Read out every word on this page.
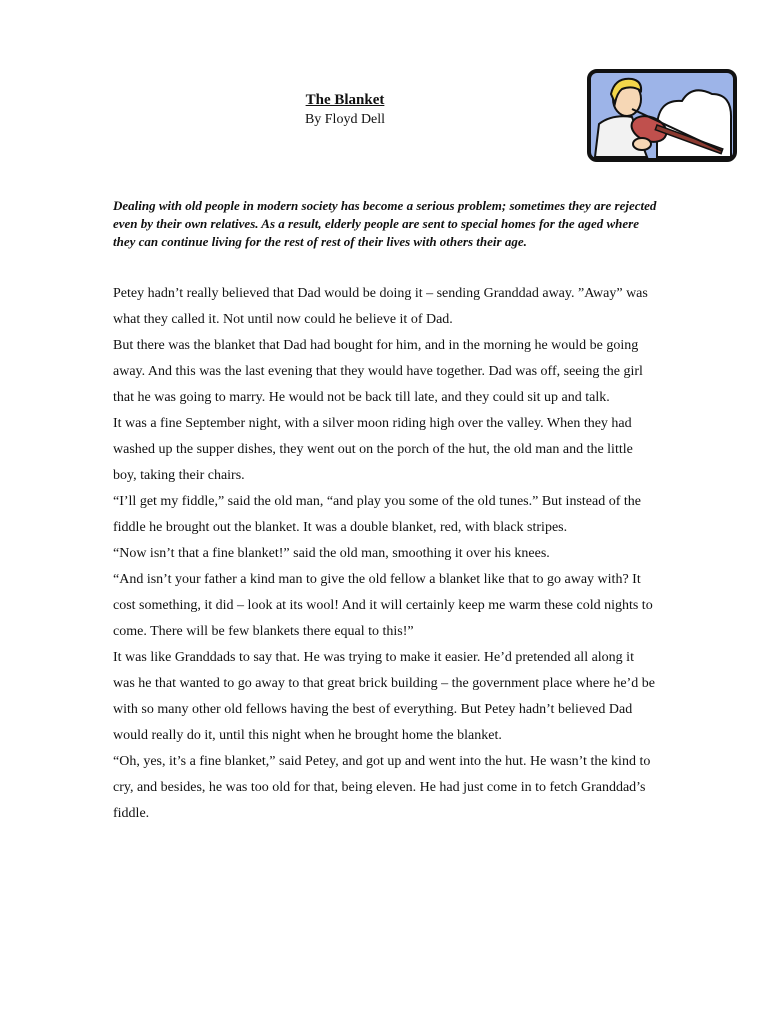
The Blanket
By Floyd Dell

Dealing with old people in modern society has become a serious problem; sometimes they are rejected even by their own relatives. As a result, elderly people are sent to special homes for the aged where they can continue living for the rest of rest of their lives with others their age.

Petey hadn’t really believed that Dad would be doing it – sending Granddad away. ”Away” was what they called it. Not until now could he believe it of Dad.

But there was the blanket that Dad had bought for him, and in the morning he would be going away. And this was the last evening that they would have together. Dad was off, seeing the girl that he was going to marry. He would not be back till late, and they could sit up and talk.

It was a fine September night, with a silver moon riding high over the valley. When they had washed up the supper dishes, they went out on the porch of the hut, the old man and the little boy, taking their chairs.

“I’ll get my fiddle,” said the old man, “and play you some of the old tunes.” But instead of the fiddle he brought out the blanket. It was a double blanket, red, with black stripes.

“Now isn’t that a fine blanket!” said the old man, smoothing it over his knees.

“And isn’t your father a kind man to give the old fellow a blanket like that to go away with? It cost something, it did – look at its wool! And it will certainly keep me warm these cold nights to come. There will be few blankets there equal to this!”

It was like Granddads to say that. He was trying to make it easier. He’d pretended all along it was he that wanted to go away to that great brick building – the government place where he’d be with so many other old fellows having the best of everything. But Petey hadn’t believed Dad would really do it, until this night when he brought home the blanket.

“Oh, yes, it’s a fine blanket,” said Petey, and got up and went into the hut. He wasn’t the kind to cry, and besides, he was too old for that, being eleven. He had just come in to fetch Granddad’s fiddle.
